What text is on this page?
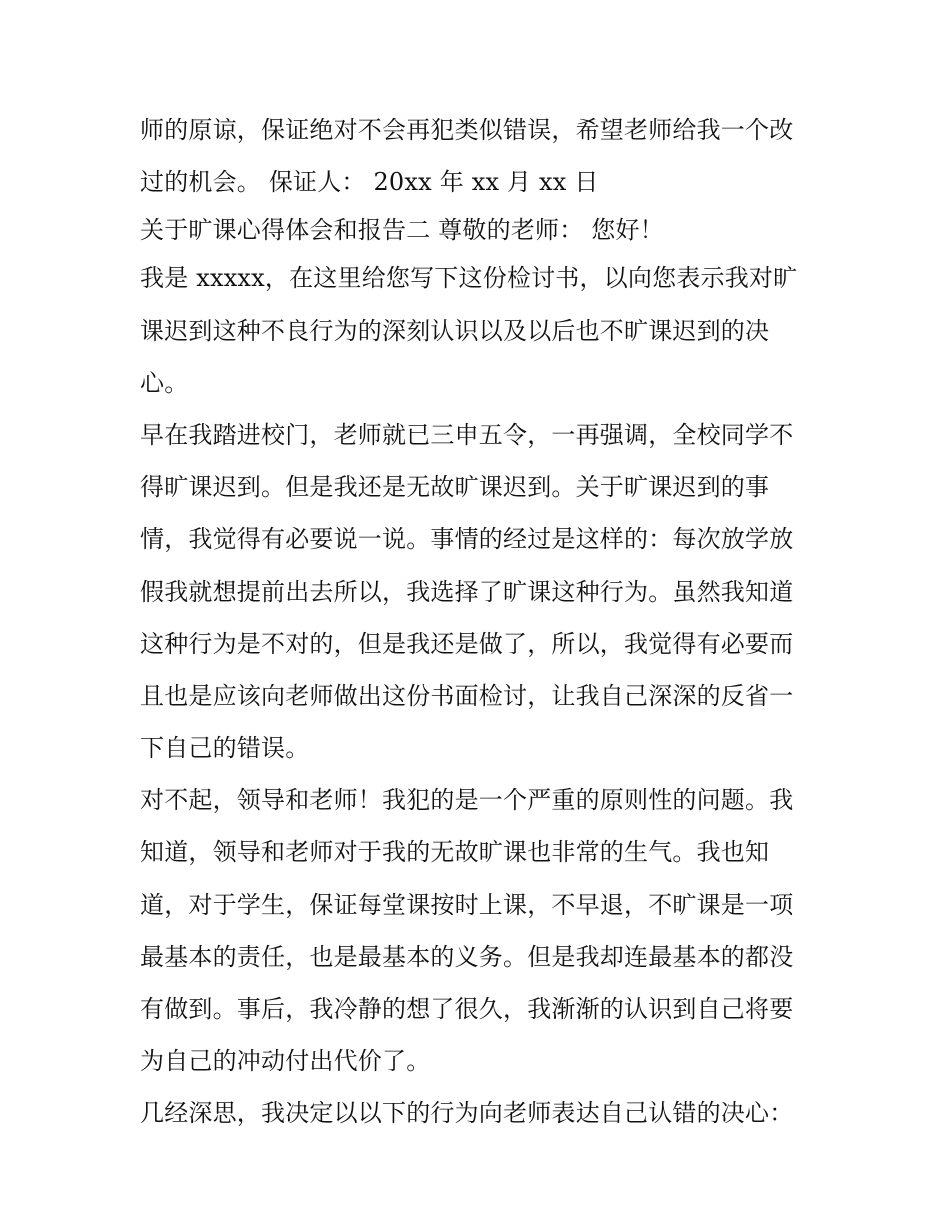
师的原谅，保证绝对不会再犯类似错误，希望老师给我一个改
过的机会。 保证人： 20xx 年 xx 月 xx 日
关于旷课心得体会和报告二 尊敬的老师： 您好！
我是 xxxxx，在这里给您写下这份检讨书，以向您表示我对旷
课迟到这种不良行为的深刻认识以及以后也不旷课迟到的决
心。
早在我踏进校门，老师就已三申五令，一再强调，全校同学不
得旷课迟到。但是我还是无故旷课迟到。关于旷课迟到的事
情，我觉得有必要说一说。事情的经过是这样的：每次放学放
假我就想提前出去所以，我选择了旷课这种行为。虽然我知道
这种行为是不对的，但是我还是做了，所以，我觉得有必要而
且也是应该向老师做出这份书面检讨，让我自己深深的反省一
下自己的错误。
对不起，领导和老师！我犯的是一个严重的原则性的问题。我
知道，领导和老师对于我的无故旷课也非常的生气。我也知
道，对于学生，保证每堂课按时上课，不早退，不旷课是一项
最基本的责任，也是最基本的义务。但是我却连最基本的都没
有做到。事后，我冷静的想了很久，我渐渐的认识到自己将要
为自己的冲动付出代价了。
几经深思，我决定以以下的行为向老师表达自己认错的决心：
